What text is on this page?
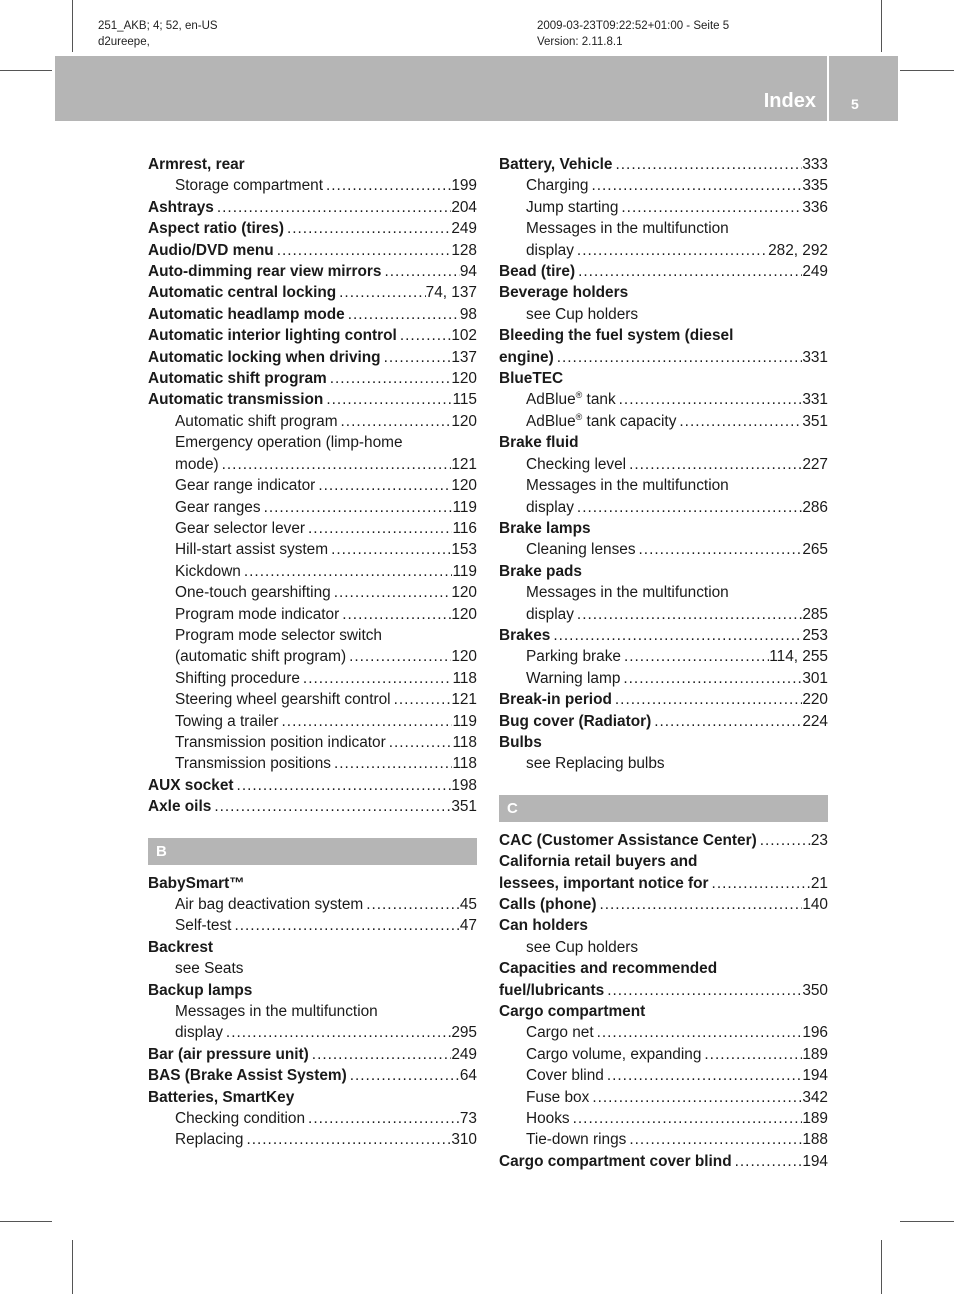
251_AKB; 4; 52, en-US
d2ureepe,
2009-03-23T09:22:52+01:00 - Seite 5
Version: 2.11.8.1
Index	5
Armrest, rear
Storage compartment .....	199
Ashtrays .....	204
Aspect ratio (tires) .....	249
Audio/DVD menu .....	128
Auto-dimming rear view mirrors .....	94
Automatic central locking .....	74, 137
Automatic headlamp mode .....	98
Automatic interior lighting control .....	102
Automatic locking when driving .....	137
Automatic shift program .....	120
Automatic transmission .....	115
Automatic shift program .....	120
Emergency operation (limp-home
mode) .....	121
Gear range indicator .....	120
Gear ranges .....	119
Gear selector lever .....	116
Hill-start assist system .....	153
Kickdown .....	119
One-touch gearshifting .....	120
Program mode indicator .....	120
Program mode selector switch
(automatic shift program) .....	120
Shifting procedure .....	118
Steering wheel gearshift control .....	121
Towing a trailer .....	119
Transmission position indicator .....	118
Transmission positions .....	118
AUX socket .....	198
Axle oils .....	351
B
BabySmart™
Air bag deactivation system .....	45
Self-test .....	47
Backrest
see Seats
Backup lamps
Messages in the multifunction
display .....	295
Bar (air pressure unit) .....	249
BAS (Brake Assist System) .....	64
Batteries, SmartKey
Checking condition .....	73
Replacing .....	310
Battery, Vehicle .....	333
Charging .....	335
Jump starting .....	336
Messages in the multifunction
display .....	282, 292
Bead (tire) .....	249
Beverage holders
see Cup holders
Bleeding the fuel system (diesel
engine) .....	331
BlueTEC
AdBlue® tank .....	331
AdBlue® tank capacity .....	351
Brake fluid
Checking level .....	227
Messages in the multifunction
display .....	286
Brake lamps
Cleaning lenses .....	265
Brake pads
Messages in the multifunction
display .....	285
Brakes .....	253
Parking brake .....	114, 255
Warning lamp .....	301
Break-in period .....	220
Bug cover (Radiator) .....	224
Bulbs
see Replacing bulbs
C
CAC (Customer Assistance Center) .....	23
California retail buyers and
lessees, important notice for .....	21
Calls (phone) .....	140
Can holders
see Cup holders
Capacities and recommended
fuel/lubricants .....	350
Cargo compartment
Cargo net .....	196
Cargo volume, expanding .....	189
Cover blind .....	194
Fuse box .....	342
Hooks .....	189
Tie-down rings .....	188
Cargo compartment cover blind .....	194
